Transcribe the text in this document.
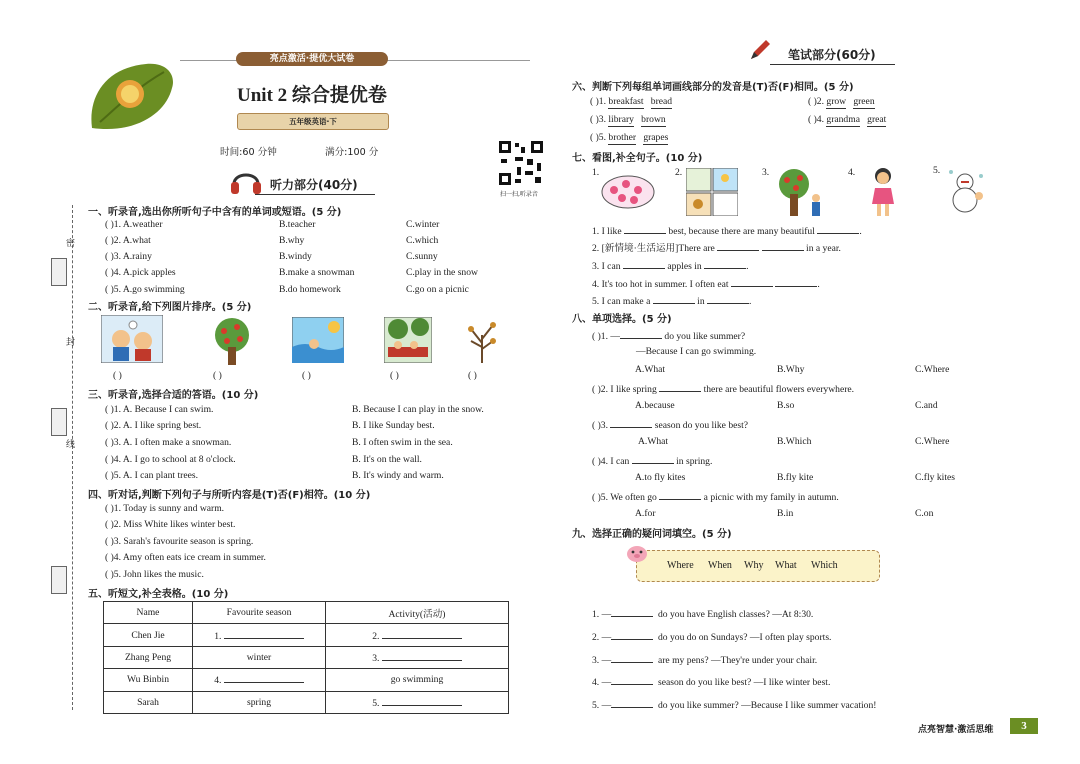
亮点激活·提优大试卷
Unit 2 综合提优卷
五年级英语·下
时间:60 分钟	满分:100 分
扫一扫,听录音
听力部分(40分)
密
封
线
一、听录音,选出你所听句子中含有的单词或短语。(5 分)
( )1. A.weather	B.teacher	C.winter
( )2. A.what	B.why	C.which
( )3. A.rainy	B.windy	C.sunny
( )4. A.pick apples	B.make a snowman	C.play in the snow
( )5. A.go swimming	B.do homework	C.go on a picnic
二、听录音,给下列图片排序。(5 分)
( )	( )	( )	( )	( )
三、听录音,选择合适的答语。(10 分)
( )1. A. Because I can swim.	B. Because I can play in the snow.
( )2. A. I like spring best.	B. I like Sunday best.
( )3. A. I often make a snowman.	B. I often swim in the sea.
( )4. A. I go to school at 8 o'clock.	B. It's on the wall.
( )5. A. I can plant trees.	B. It's windy and warm.
四、听对话,判断下列句子与所听内容是(T)否(F)相符。(10 分)
( )1. Today is sunny and warm.
( )2. Miss White likes winter best.
( )3. Sarah's favourite season is spring.
( )4. Amy often eats ice cream in summer.
( )5. John likes the music.
五、听短文,补全表格。(10 分)
Name	Favourite season	Activity(活动)
Chen Jie	1.	2.
Zhang Peng	winter	3.
Wu Binbin	4.	go swimming
Sarah	spring	5.
笔试部分(60分)
六、判断下列每组单词画线部分的发音是(T)否(F)相同。(5 分)
( )1. breakfast bread	( )2. grow green
( )3. library brown	( )4. grandma great
( )5. brother grapes
七、看图,补全句子。(10 分)
1.	2.	3.	4.	5.
1. I like	best, because there are many beautiful	.
2. [新情境·生活运用]There are	in a year.
3. I can	apples in	.
4. It's too hot in summer. I often eat	.
5. I can make a	in	.
八、单项选择。(5 分)
( )1. —	do you like summer?
—Because I can go swimming.
A.What	B.Why	C.Where
( )2. I like spring	there are beautiful flowers everywhere.
A.because	B.so	C.and
( )3.	season do you like best?
A.What	B.Which	C.Where
( )4. I can	in spring.
A.to fly kites	B.fly kite	C.fly kites
( )5. We often go	a picnic with my family in autumn.
A.for	B.in	C.on
九、选择正确的疑问词填空。(5 分)
Where When Why What Which
1. —	do you have English classes? —At 8:30.
2. —	do you do on Sundays? —I often play sports.
3. —	are my pens? —They're under your chair.
4. —	season do you like best? —I like winter best.
5. —	do you like summer? —Because I like summer vacation!
点亮智慧·激活思维	3
